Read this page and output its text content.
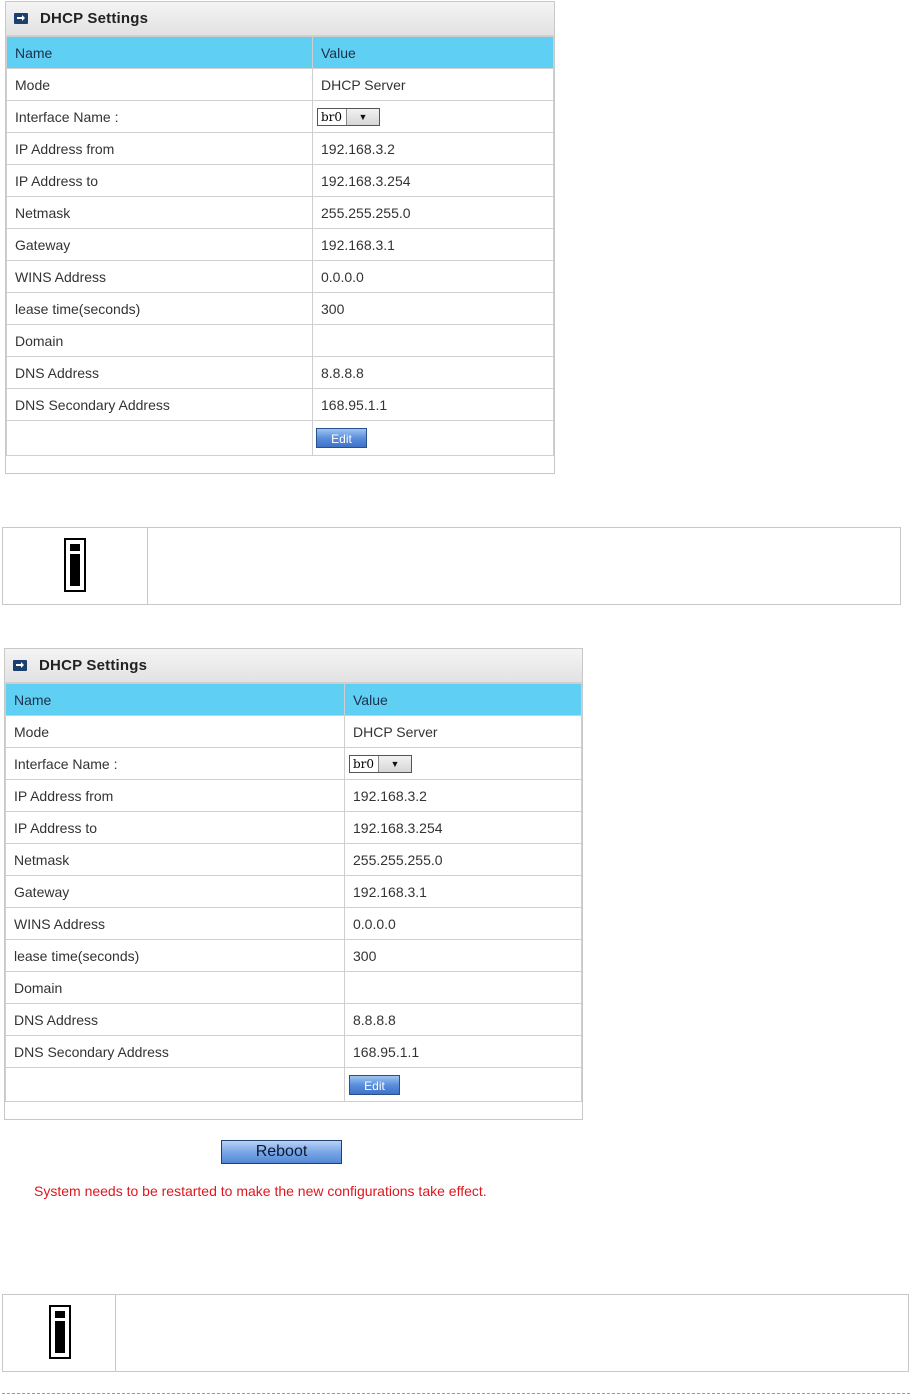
DHCP Settings
Name	Value
Mode	DHCP Server
Interface Name :	br0 ▼

IP Address from	192.168.3.2
IP Address to	192.168.3.254
Netmask	255.255.255.0
Gateway	192.168.3.1
WINS Address	0.0.0.0
lease time(seconds)	300
Domain	
DNS Address	8.8.8.8
DNS Secondary Address	168.95.1.1
	Edit
DHCP Settings
Name	Value
Mode	DHCP Server
Interface Name :	br0 ▼

IP Address from	192.168.3.2
IP Address to	192.168.3.254
Netmask	255.255.255.0
Gateway	192.168.3.1
WINS Address	0.0.0.0
lease time(seconds)	300
Domain	
DNS Address	8.8.8.8
DNS Secondary Address	168.95.1.1
	Edit
Reboot
System needs to be restarted to make the new configurations take effect.
